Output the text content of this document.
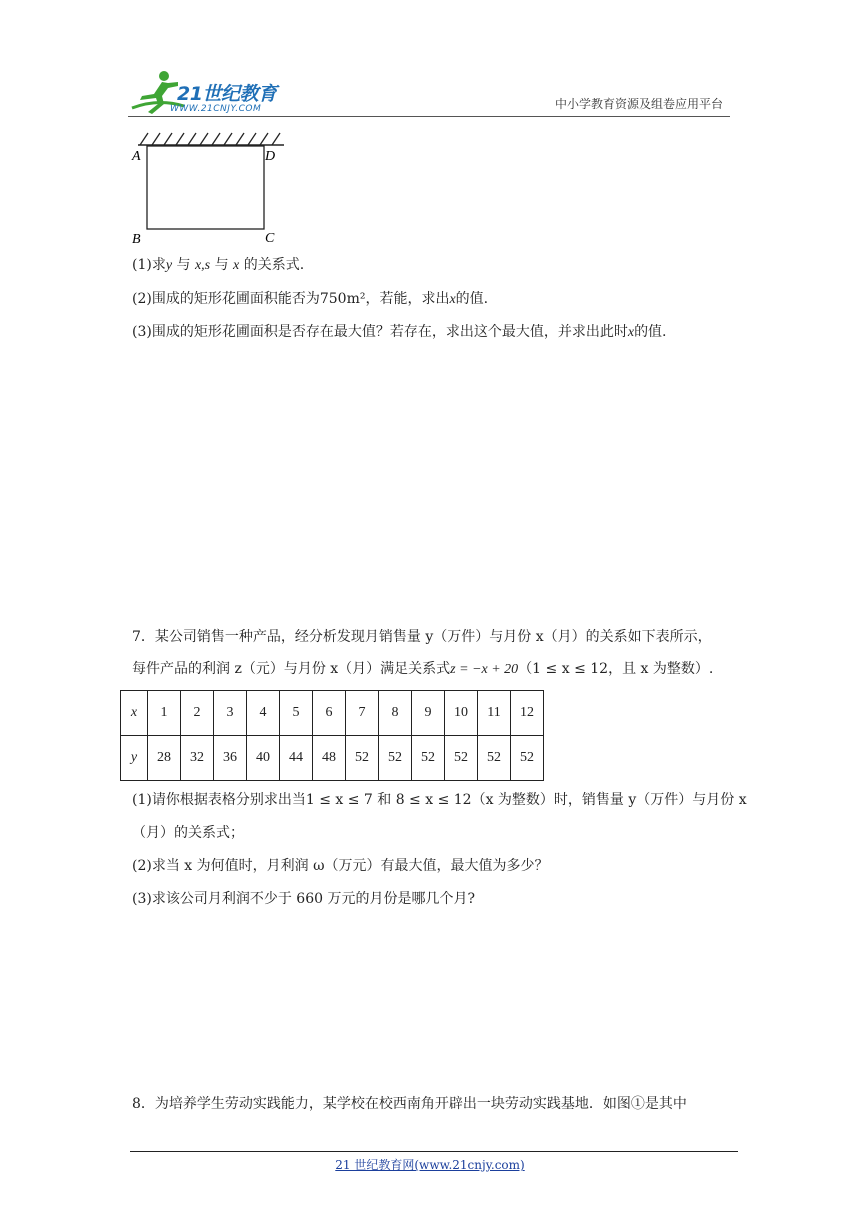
21世纪教育
WWW.21CNJY.COM	中小学教育资源及组卷应用平台
A	D
B	C
(1)求y 与 x,s 与 x 的关系式.
(2)围成的矩形花圃面积能否为750m²，若能，求出x的值.
(3)围成的矩形花圃面积是否存在最大值？若存在，求出这个最大值，并求出此时x的值.
7．某公司销售一种产品，经分析发现月销售量 y（万件）与月份 x（月）的关系如下表所示，
每件产品的利润 z（元）与月份 x（月）满足关系式z = −x + 20（1 ≤ x ≤ 12，且 x 为整数）.
x	1	2	3	4	5	6	7	8	9	10	11	12
y	28	32	36	40	44	48	52	52	52	52	52	52
(1)请你根据表格分别求出当1 ≤ x ≤ 7 和 8 ≤ x ≤ 12（x 为整数）时，销售量 y（万件）与月份 x
（月）的关系式；
(2)求当 x 为何值时，月利润 ω（万元）有最大值，最大值为多少？
(3)求该公司月利润不少于 660 万元的月份是哪几个月?
8．为培养学生劳动实践能力，某学校在校西南角开辟出一块劳动实践基地．如图①是其中
21 世纪教育网(www.21cnjy.com)
